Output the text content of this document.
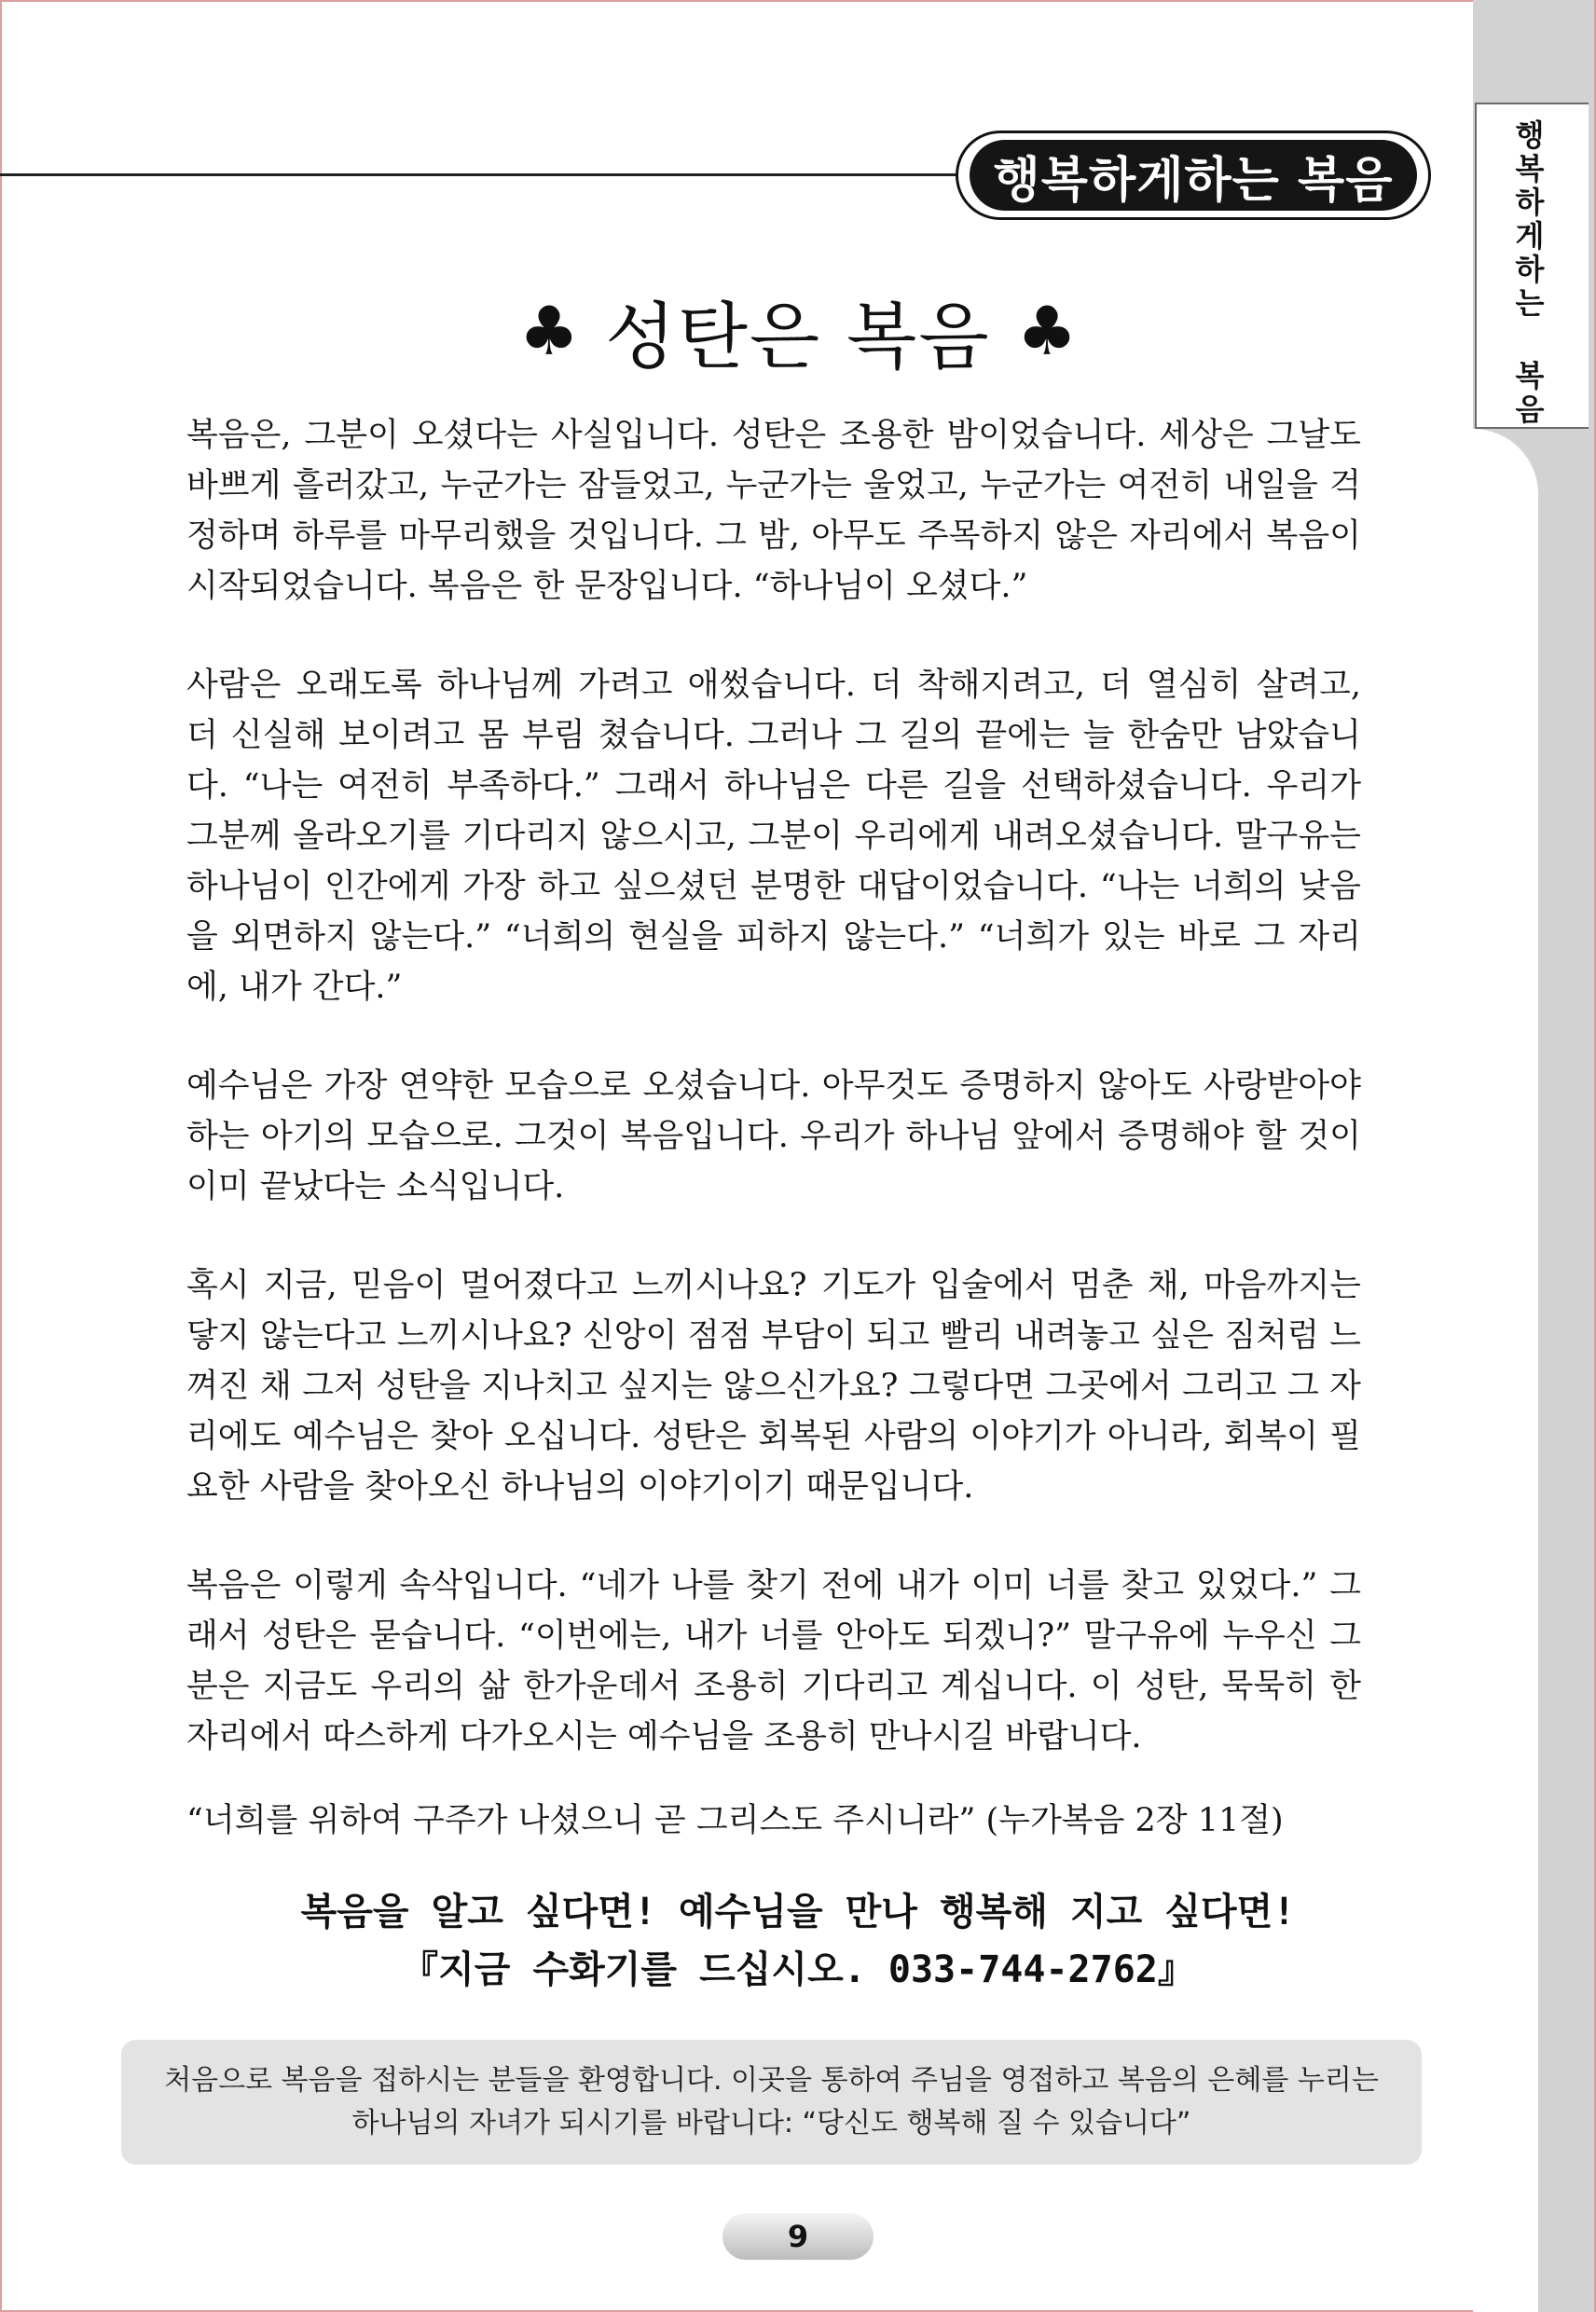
행복하게하는 복음
행복하게하는 복음
♣ 성탄은 복음 ♣

복음은, 그분이 오셨다는 사실입니다. 성탄은 조용한 밤이었습니다. 세상은 그날도 바쁘게 흘러갔고, 누군가는 잠들었고, 누군가는 울었고, 누군가는 여전히 내일을 걱정하며 하루를 마무리했을 것입니다. 그 밤, 아무도 주목하지 않은 자리에서 복음이 시작되었습니다. 복음은 한 문장입니다. “하나님이 오셨다.”

사람은 오래도록 하나님께 가려고 애썼습니다. 더 착해지려고, 더 열심히 살려고, 더 신실해 보이려고 몸 부림 쳤습니다. 그러나 그 길의 끝에는 늘 한숨만 남았습니다. “나는 여전히 부족하다.” 그래서 하나님은 다른 길을 선택하셨습니다. 우리가 그분께 올라오기를 기다리지 않으시고, 그분이 우리에게 내려오셨습니다. 말구유는 하나님이 인간에게 가장 하고 싶으셨던 분명한 대답이었습니다. “나는 너희의 낮음을 외면하지 않는다.” “너희의 현실을 피하지 않는다.” “너희가 있는 바로 그 자리에, 내가 간다.”

예수님은 가장 연약한 모습으로 오셨습니다. 아무것도 증명하지 않아도 사랑받아야 하는 아기의 모습으로. 그것이 복음입니다. 우리가 하나님 앞에서 증명해야 할 것이 이미 끝났다는 소식입니다.

혹시 지금, 믿음이 멀어졌다고 느끼시나요? 기도가 입술에서 멈춘 채, 마음까지는 닿지 않는다고 느끼시나요? 신앙이 점점 부담이 되고 빨리 내려놓고 싶은 짐처럼 느껴진 채 그저 성탄을 지나치고 싶지는 않으신가요? 그렇다면 그곳에서 그리고 그 자리에도 예수님은 찾아 오십니다. 성탄은 회복된 사람의 이야기가 아니라, 회복이 필요한 사람을 찾아오신 하나님의 이야기이기 때문입니다.

복음은 이렇게 속삭입니다. “네가 나를 찾기 전에 내가 이미 너를 찾고 있었다.” 그래서 성탄은 묻습니다. “이번에는, 내가 너를 안아도 되겠니?” 말구유에 누우신 그분은 지금도 우리의 삶 한가운데서 조용히 기다리고 계십니다. 이 성탄, 묵묵히 한 자리에서 따스하게 다가오시는 예수님을 조용히 만나시길 바랍니다.

“너희를 위하여 구주가 나셨으니 곧 그리스도 주시니라” (누가복음 2장 11절)

복음을 알고 싶다면! 예수님을 만나 행복해 지고 싶다면!
『지금 수화기를 드십시오. 033-744-2762』
처음으로 복음을 접하시는 분들을 환영합니다. 이곳을 통하여 주님을 영접하고 복음의 은혜를 누리는 하나님의 자녀가 되시기를 바랍니다: “당신도 행복해 질 수 있습니다”
9
